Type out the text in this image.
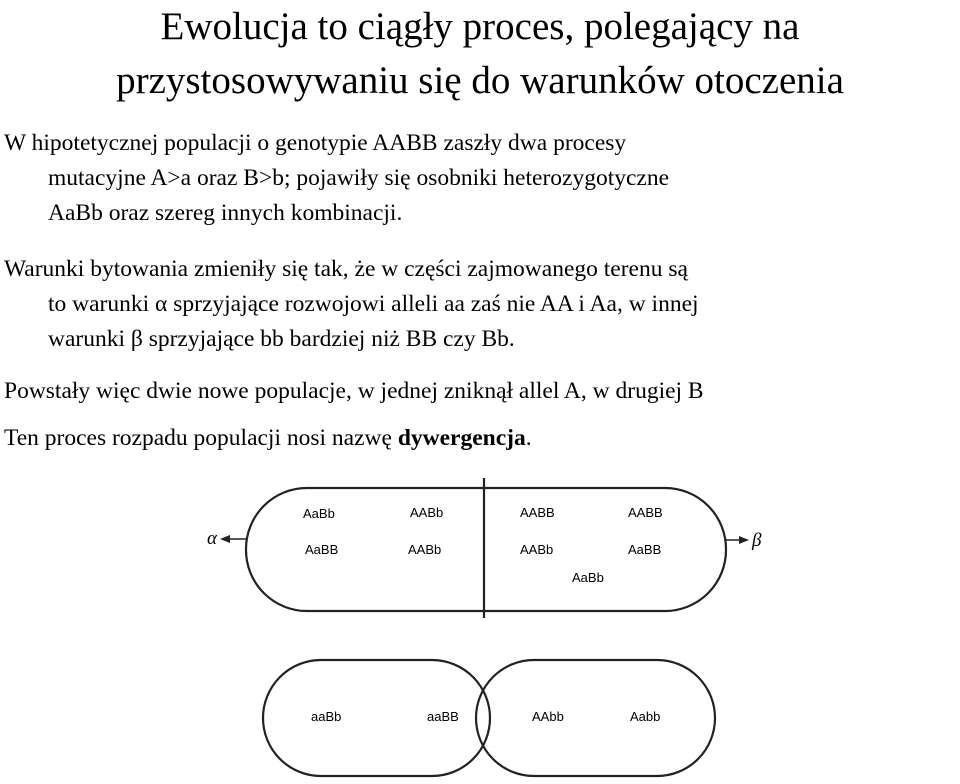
Ewolucja to ciągły proces, polegający na
przystosowywaniu się do warunków otoczenia
W hipotetycznej populacji o genotypie AABB zaszły dwa procesy
mutacyjne A>a oraz B>b; pojawiły się osobniki heterozygotyczne
AaBb oraz szereg innych kombinacji.
Warunki bytowania zmieniły się tak, że w części zajmowanego terenu są
to warunki α sprzyjające rozwojowi alleli aa zaś nie AA i Aa, w innej
warunki β sprzyjające bb bardziej niż BB czy Bb.
Powstały więc dwie nowe populacje, w jednej zniknął allel A, w drugiej B
Ten proces rozpadu populacji nosi nazwę dywergencja.
α	β
AaBb
AaBB
AABb
AABb
AABB
AABb
AABB
AaBB
AaBb
aaBb	aaBB	AAbb	Aabb
